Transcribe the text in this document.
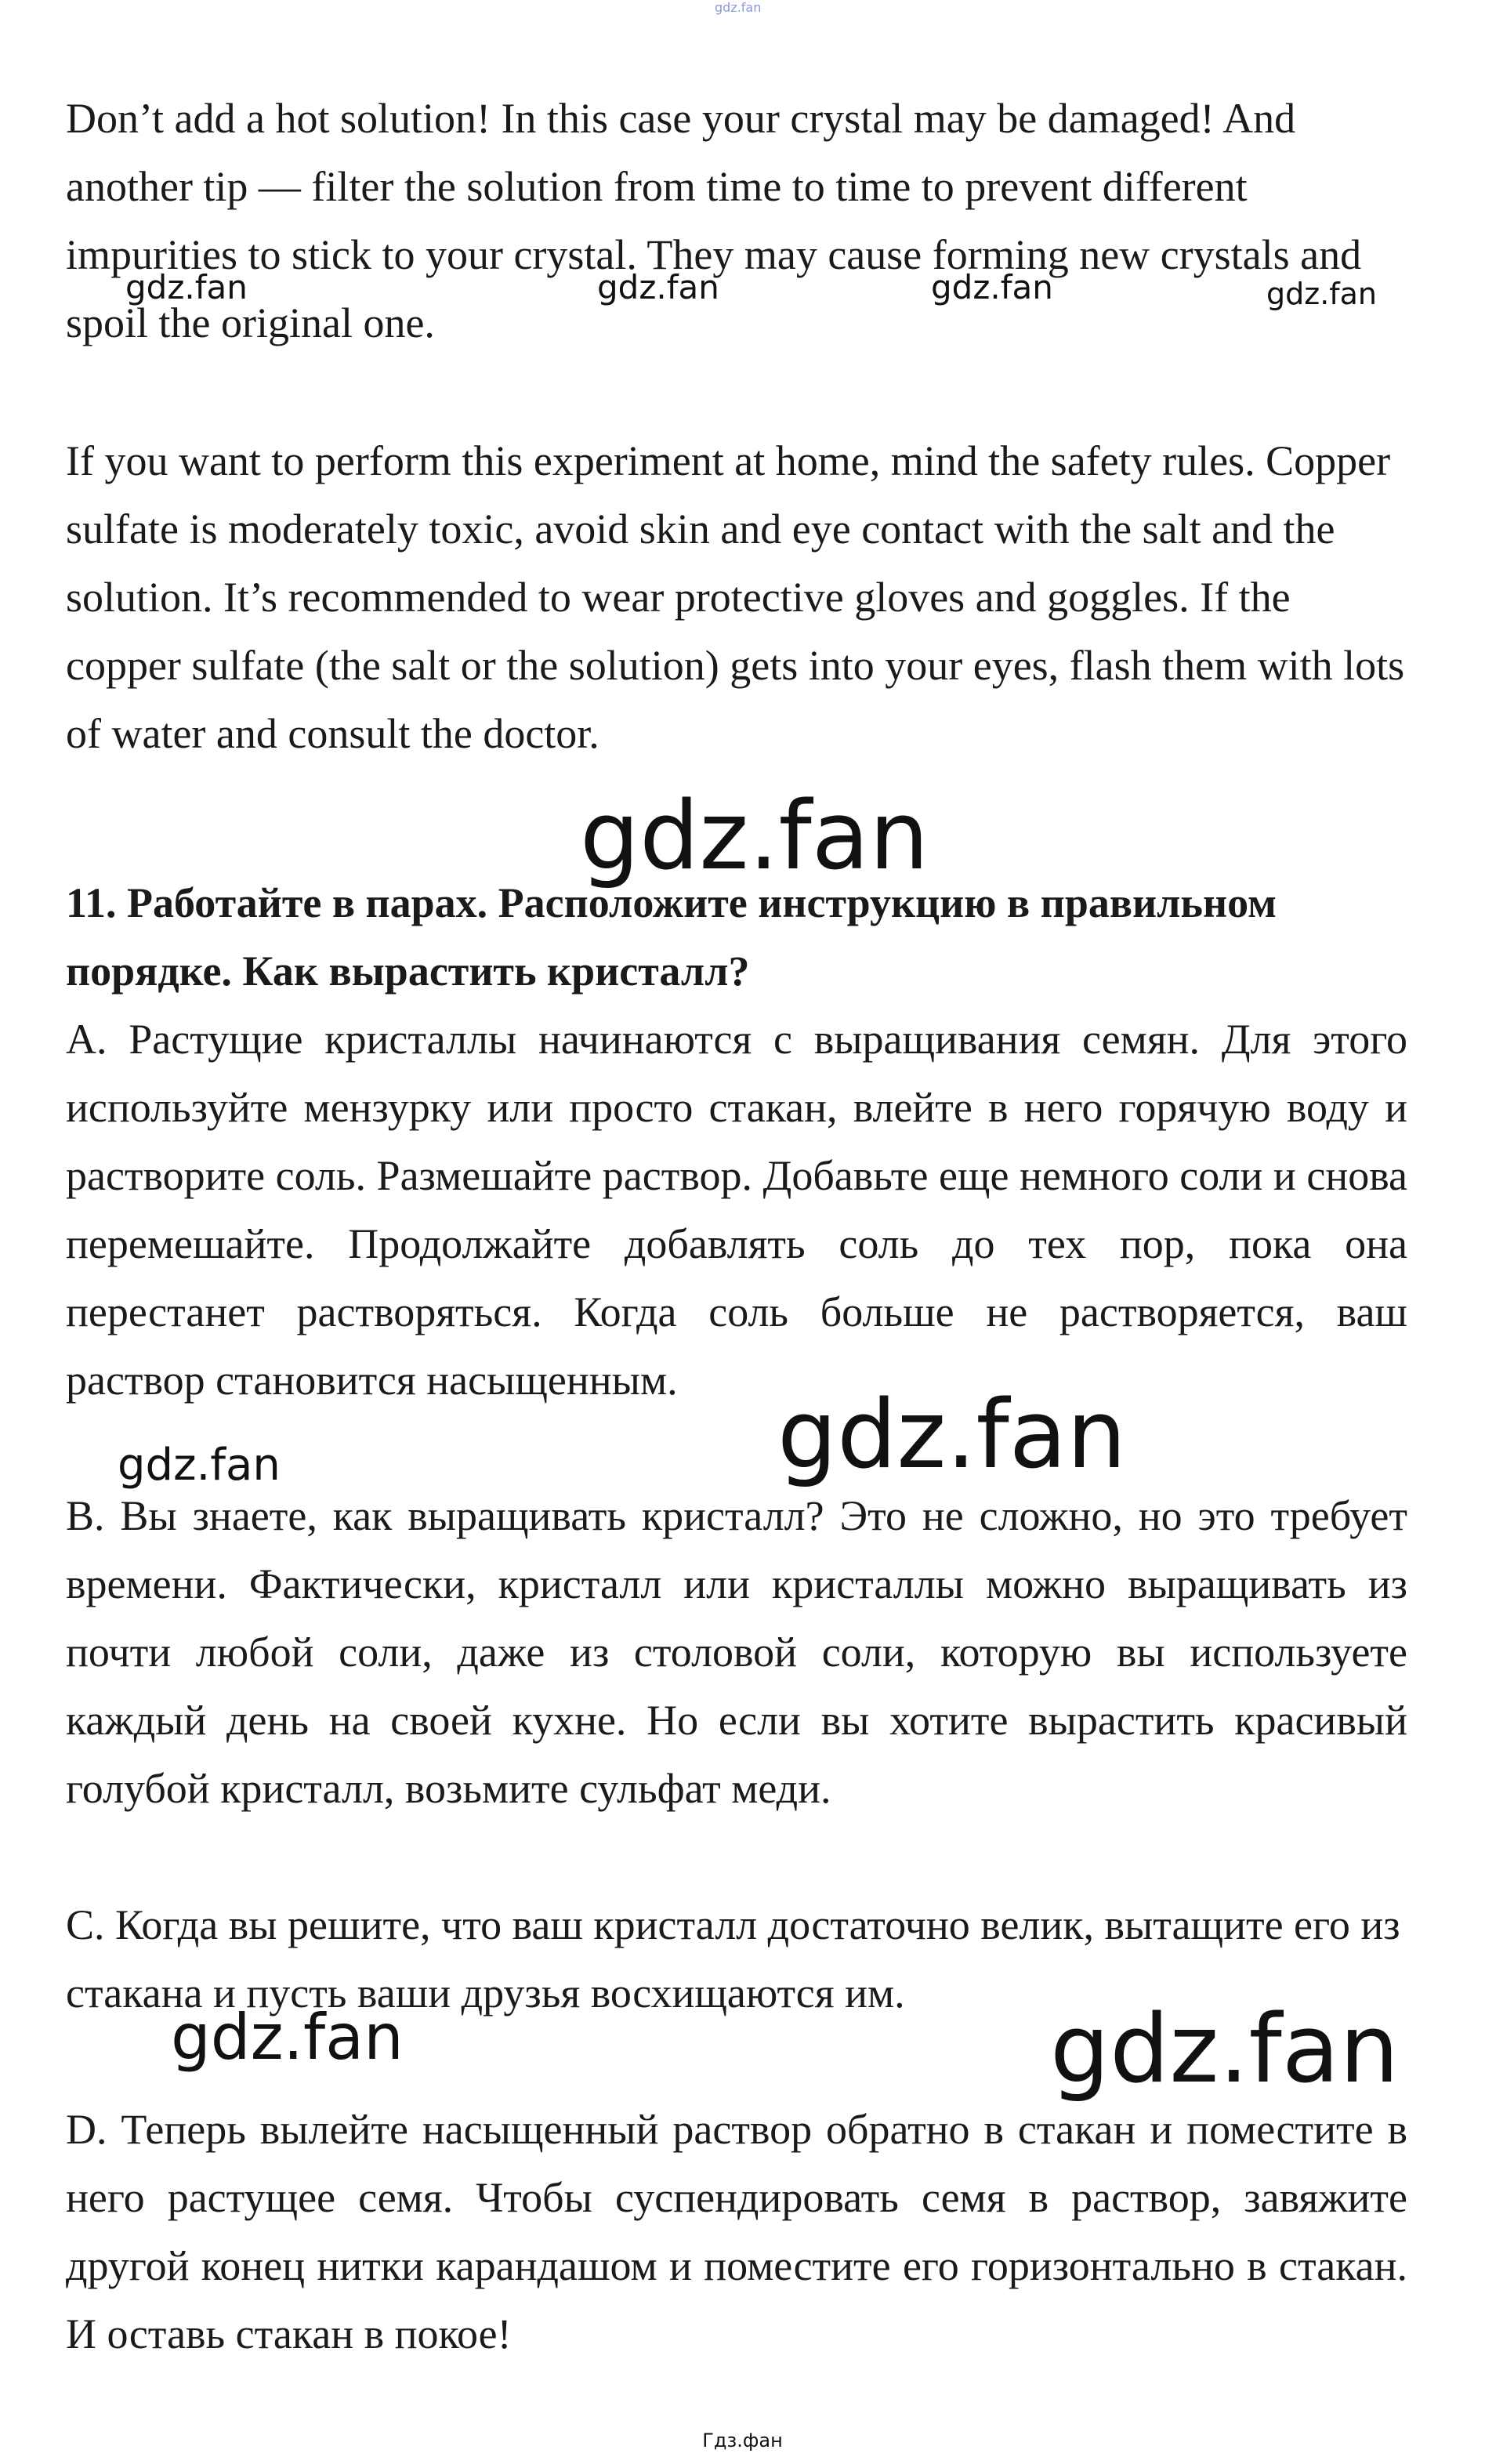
gdz.fan

Don’t add a hot solution! In this case your crystal may be damaged! And another tip — filter the solution from time to time to prevent different impurities to stick to your crystal. They may cause forming new crystals and spoil the original one.

If you want to perform this experiment at home, mind the safety rules. Copper sulfate is moderately toxic, avoid skin and eye contact with the salt and the solution. It’s recommended to wear protective gloves and goggles. If the copper sulfate (the salt or the solution) gets into your eyes, flash them with lots of water and consult the doctor.

11. Работайте в парах. Расположите инструкцию в правильном порядке. Как вырастить кристалл?

A. Растущие кристаллы начинаются с выращивания семян. Для этого используйте мензурку или просто стакан, влейте в него горячую воду и растворите соль. Размешайте раствор. Добавьте еще немного соли и снова перемешайте. Продолжайте добавлять соль до тех пор, пока она перестанет растворяться. Когда соль больше не растворяется, ваш раствор становится насыщенным.

B. Вы знаете, как выращивать кристалл? Это не сложно, но это требует времени. Фактически, кристалл или кристаллы можно выращивать из почти любой соли, даже из столовой соли, которую вы используете каждый день на своей кухне. Но если вы хотите вырастить красивый голубой кристалл, возьмите сульфат меди.

C. Когда вы решите, что ваш кристалл достаточно велик, вытащите его из стакана и пусть ваши друзья восхищаются им.

D. Теперь вылейте насыщенный раствор обратно в стакан и поместите в него растущее семя. Чтобы суспендировать семя в раствор, завяжите другой конец нитки карандашом и поместите его горизонтально в стакан. И оставь стакан в покое!

gdz.fan	gdz.fan	gdz.fan	gdz.fan
gdz.fan
gdz.fan
gdz.fan
gdz.fan	gdz.fan
Гдз.фан
